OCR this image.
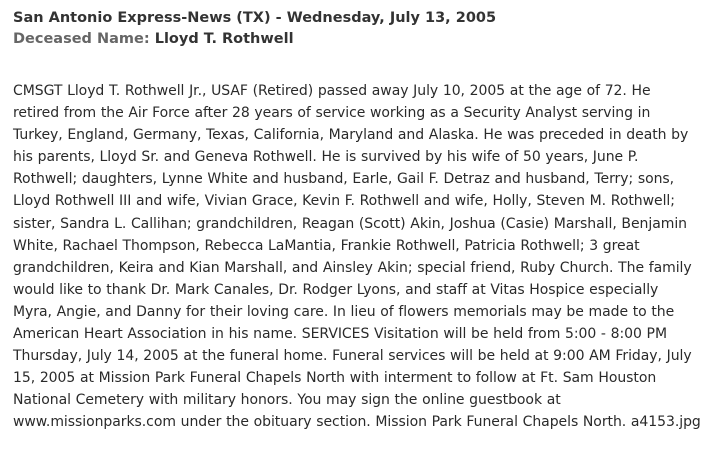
San Antonio Express-News (TX) - Wednesday, July 13, 2005
Deceased Name: Lloyd T. Rothwell
CMSGT Lloyd T. Rothwell Jr., USAF (Retired) passed away July 10, 2005 at the age of 72. He
retired from the Air Force after 28 years of service working as a Security Analyst serving in
Turkey, England, Germany, Texas, California, Maryland and Alaska. He was preceded in death by
his parents, Lloyd Sr. and Geneva Rothwell. He is survived by his wife of 50 years, June P.
Rothwell; daughters, Lynne White and husband, Earle, Gail F. Detraz and husband, Terry; sons,
Lloyd Rothwell III and wife, Vivian Grace, Kevin F. Rothwell and wife, Holly, Steven M. Rothwell;
sister, Sandra L. Callihan; grandchildren, Reagan (Scott) Akin, Joshua (Casie) Marshall, Benjamin
White, Rachael Thompson, Rebecca LaMantia, Frankie Rothwell, Patricia Rothwell; 3 great
grandchildren, Keira and Kian Marshall, and Ainsley Akin; special friend, Ruby Church. The family
would like to thank Dr. Mark Canales, Dr. Rodger Lyons, and staff at Vitas Hospice especially
Myra, Angie, and Danny for their loving care. In lieu of flowers memorials may be made to the
American Heart Association in his name. SERVICES Visitation will be held from 5:00 - 8:00 PM
Thursday, July 14, 2005 at the funeral home. Funeral services will be held at 9:00 AM Friday, July
15, 2005 at Mission Park Funeral Chapels North with interment to follow at Ft. Sam Houston
National Cemetery with military honors. You may sign the online guestbook at
www.missionparks.com under the obituary section. Mission Park Funeral Chapels North. a4153.jpg
